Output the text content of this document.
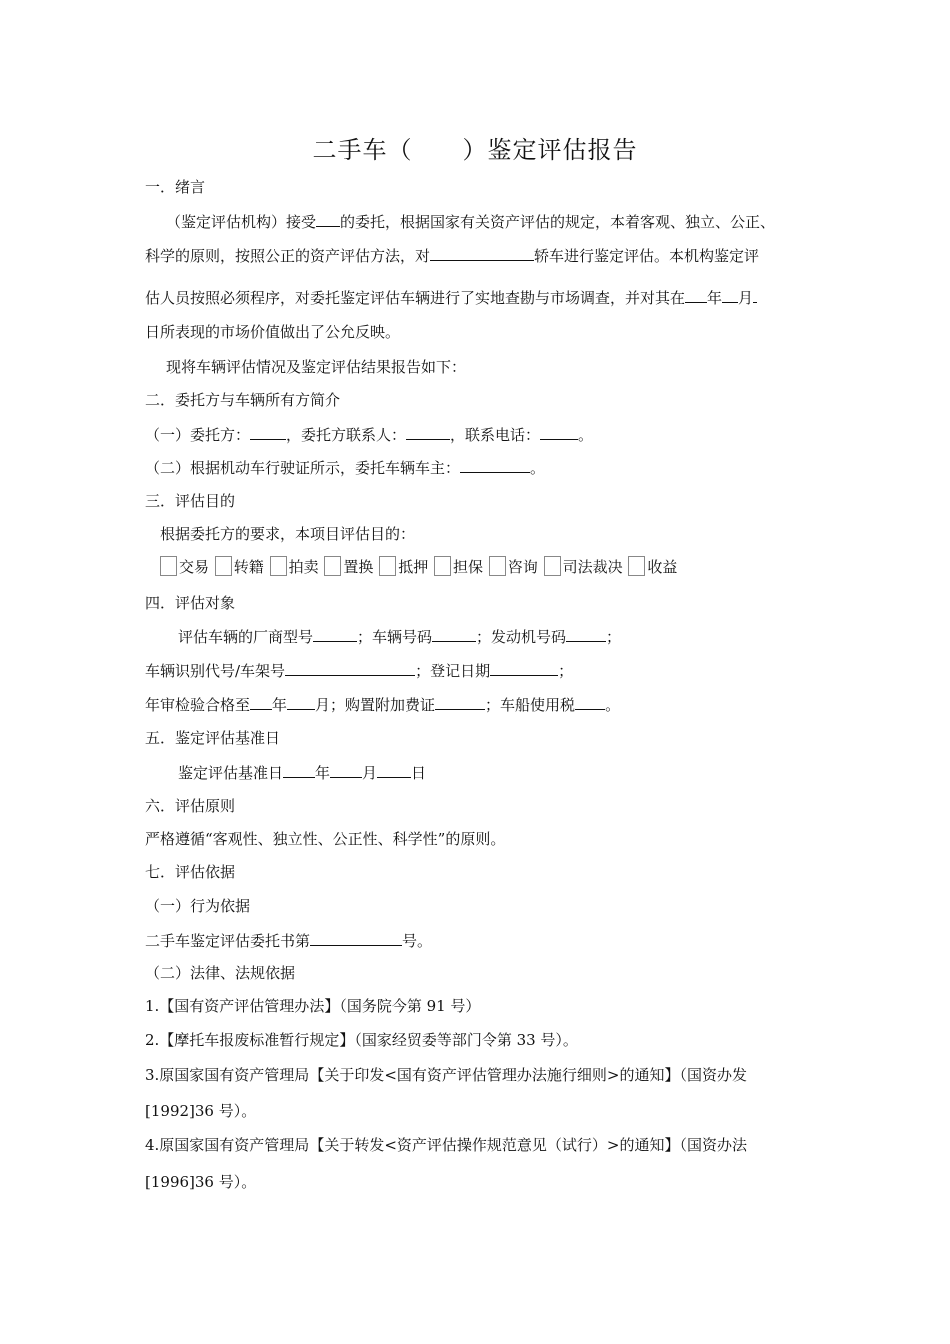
二手车（　　）鉴定评估报告
一．绪言
（鉴定评估机构）接受 的委托，根据国家有关资产评估的规定，本着客观、独立、公正、
科学的原则，按照公正的资产评估方法，对	轿车进行鉴定评估。本机构鉴定评
估人员按照必须程序，对委托鉴定评估车辆进行了实地查勘与市场调查，并对其在 年 月
日所表现的市场价值做出了公允反映。
现将车辆评估情况及鉴定评估结果报告如下：
二．委托方与车辆所有方简介
（一）委托方： ，委托方联系人：	，联系电话：	。
（二）根据机动车行驶证所示，委托车辆车主：	。
三．评估目的
根据委托方的要求，本项目评估目的：
交易 转籍 拍卖 置换 抵押 担保 咨询 司法裁决 收益
四．评估对象
评估车辆的厂商型号	；车辆号码	；发动机号码	；
车辆识别代号/车架号	；登记日期	；
年审检验合格至 年 月；购置附加费证	；车船使用税 。
五．鉴定评估基准日
鉴定评估基准日 年 月 日
六．评估原则
严格遵循“客观性、独立性、公正性、科学性”的原则。
七．评估依据
（一）行为依据
二手车鉴定评估委托书第	号。
（二）法律、法规依据
1.【国有资产评估管理办法】（国务院今第 91 号）
2.【摩托车报废标准暂行规定】（国家经贸委等部门令第 33 号）。
3.原国家国有资产管理局【关于印发<国有资产评估管理办法施行细则>的通知】（国资办发
[1992]36 号）。
4.原国家国有资产管理局【关于转发<资产评估操作规范意见（试行）>的通知】（国资办法
[1996]36 号）。
